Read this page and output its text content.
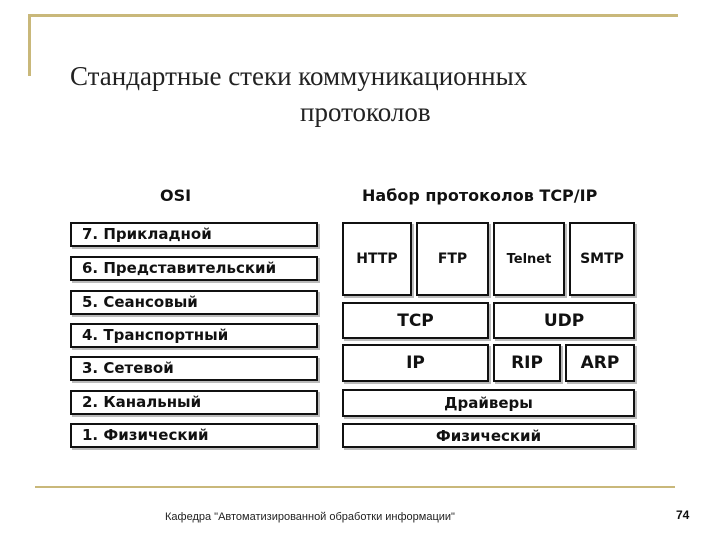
Стандартные стеки коммуникационных
протоколов
OSI	Набор протоколов TCP/IP
7. Прикладной
6. Представительский
5. Сеансовый
4. Транспортный
3. Сетевой
2. Канальный
1. Физический
HTTP	FTP	Telnet	SMTP
TCP	UDP
IP	RIP	ARP
Драйверы
Физический
Кафедра "Автоматизированной обработки информации"	74
